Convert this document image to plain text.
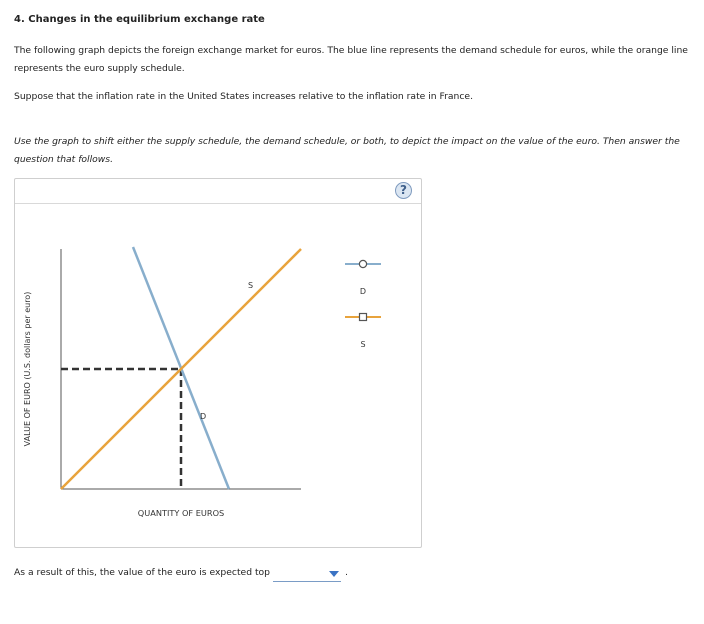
4. Changes in the equilibrium exchange rate
The following graph depicts the foreign exchange market for euros. The blue line represents the demand schedule for euros, while the orange line represents the euro supply schedule.
Suppose that the inflation rate in the United States increases relative to the inflation rate in France.
Use the graph to shift either the supply schedule, the demand schedule, or both, to depict the impact on the value of the euro. Then answer the question that follows.
?
S
D
VALUE OF EURO (U.S. dollars per euro)
QUANTITY OF EUROS
D
S
As a result of this, the value of the euro is expected top	.
